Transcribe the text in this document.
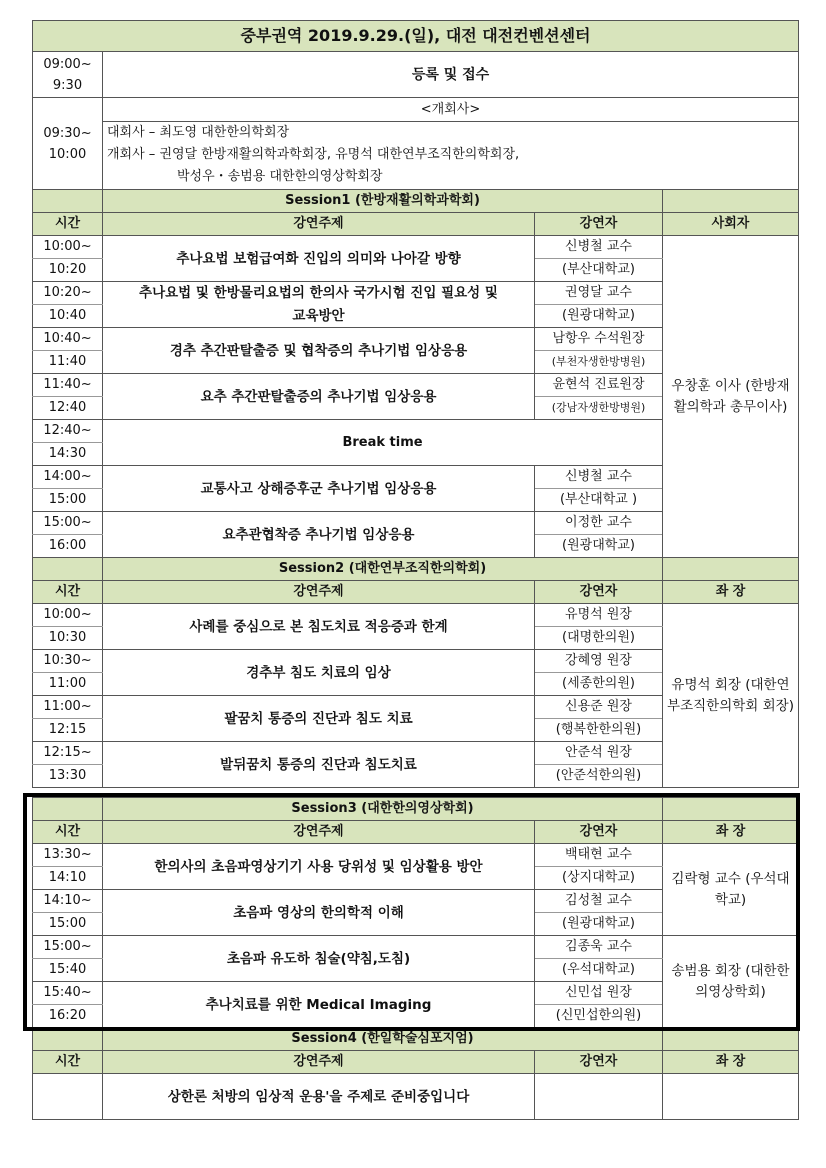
중부권역 2019.9.29.(일), 대전 대전컨벤션센터			
09:00~
9:30	등록 및 접수		
09:30~
10:00	<개회사>
대회사 – 최도영 대한한의학회장
개회사 – 권영달 한방재활의학과학회장, 유명석 대한연부조직한의학회장,
박성우・송범용 대한한의영상학회장		

	Session1 (한방재활의학과학회)		
시간	강연주제	강연자	사회자
10:00~	추나요법 보험급여화 진입의 의미와 나아갈 방향	신병철 교수	우창훈 이사 (한방재활의학과 총무이사)
10:20		(부산대학교)	
10:20~	추나요법 및 한방물리요법의 한의사 국가시험 진입 필요성 및	권영달 교수	
10:40	교육방안	(원광대학교)	
10:40~	경추 추간판탈출증 및 협착증의 추나기법 임상응용	남항우 수석원장	
11:40		(부천자생한방병원)	
11:40~	요추 추간판탈출증의 추나기법 임상응용	윤현석 진료원장	
12:40		(강남자생한방병원)	
12:40~	Break time		
14:30			
14:00~	교통사고 상해증후군 추나기법 임상응용	신병철 교수	
15:00		(부산대학교 )	
15:00~	요추관협착증 추나기법 임상응용	이정한 교수	
16:00		(원광대학교)	
	Session2 (대한연부조직한의학회)		
시간	강연주제	강연자	좌 장
10:00~	사례를 중심으로 본 침도치료 적응증과 한계	유명석 원장	유명석 회장 (대한연부조직한의학회 회장)
10:30		(대명한의원)	
10:30~	경추부 침도 치료의 임상	강혜영 원장	
11:00		(세종한의원)	
11:00~	팔꿈치 통증의 진단과 침도 치료	신용준 원장	
12:15		(행복한한의원)	
12:15~	발뒤꿈치 통증의 진단과 침도치료	안준석 원장	
13:30		(안준석한의원)	

	Session3 (대한한의영상학회)		
시간	강연주제	강연자	좌 장
13:30~	한의사의 초음파영상기기 사용 당위성 및 임상활용 방안	백태현 교수	김락형 교수 (우석대학교)
14:10		(상지대학교)	
14:10~	초음파 영상의 한의학적 이해	김성철 교수	
15:00		(원광대학교)	
15:00~	초음파 유도하 침술(약침,도침)	김종욱 교수	송범용 회장 (대한한의영상학회)
15:40		(우석대학교)	
15:40~	추나치료를 위한 Medical Imaging	신민섭 원장	
16:20		(신민섭한의원)	
	Session4 (한일학술심포지엄)		
시간	강연주제	강연자	좌 장
	상한론 처방의 임상적 운용'을 주제로 준비중입니다		
